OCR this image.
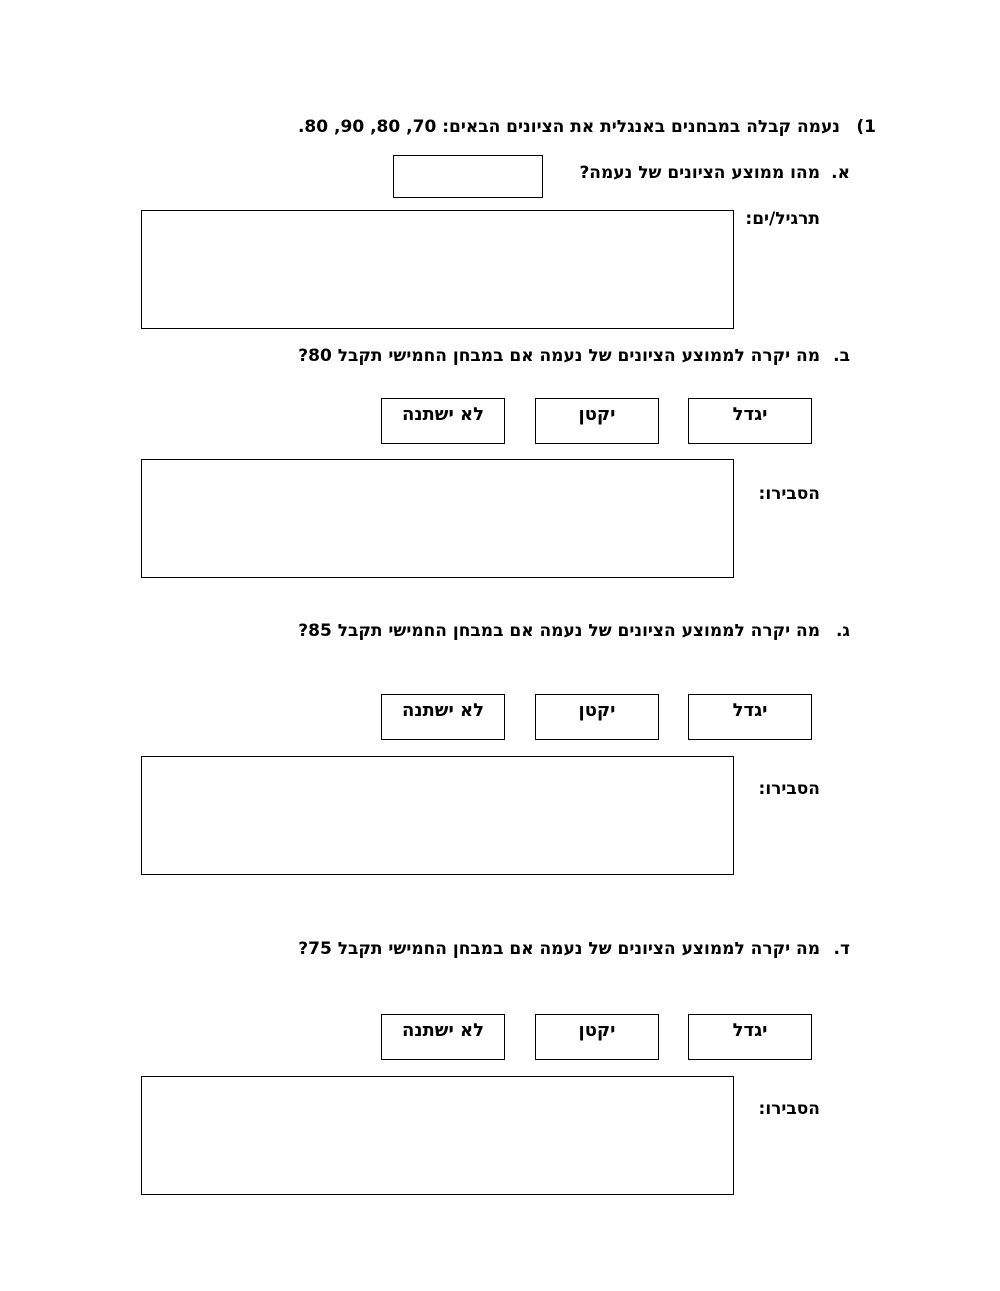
1)
נעמה קבלה במבחנים באנגלית את הציונים הבאים: 70, 80, 90, 80.
א.
מהו ממוצע הציונים של נעמה?
תרגיל/ים:
ב.
מה יקרה לממוצע הציונים של נעמה אם במבחן החמישי תקבל 80?
יגדל
יקטן
לא ישתנה
הסבירו:
ג.
מה יקרה לממוצע הציונים של נעמה אם במבחן החמישי תקבל 85?
יגדל
יקטן
לא ישתנה
הסבירו:
ד.
מה יקרה לממוצע הציונים של נעמה אם במבחן החמישי תקבל 75?
יגדל
יקטן
לא ישתנה
הסבירו:
